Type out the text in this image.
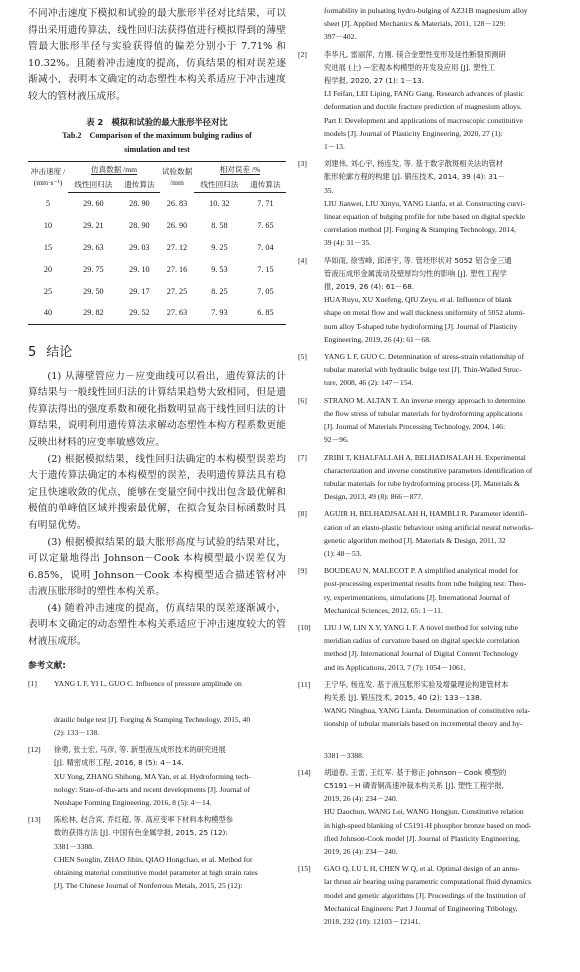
不同冲击速度下模拟和试验的最大胀形半径对比结果，可以得出采用遗传算法、线性回归法获得值进行模拟得到的薄壁管最大胀形半径与实验获得值的偏差分别小于 7.71% 和 10.32%。且随着冲击速度的提高，仿真结果的相对误差逐渐减小，表明本文确定的动态塑性本构关系适应于冲击速度较大的管材液压成形。

表 2　模拟和试验的最大胀形半径对比
Tab.2　Comparison of the maximum bulging radius of
simulation and test
冲击速度 /
(mm·s⁻¹)	仿真数据 /mm		试验数据 /mm	相对误差 /%	
	线性回归法	遗传算法		线性回归法	遗传算法
5	29. 60	28. 90	26. 83	10. 32	7. 71
10	29. 21	28. 90	26. 90	8. 58	7. 65
15	29. 63	29. 03	27. 12	9. 25	7. 04
20	29. 75	29. 10	27. 16	9. 53	7. 15
25	29. 50	29. 17	27. 25	8. 25	7. 05
40	29. 82	29. 52	27. 63	7. 93	6. 85
5 结论

(1) 从薄壁管应力－应变曲线可以看出，遗传算法的计算结果与一般线性回归法的计算结果趋势大致相同，但是遗传算法得出的强度系数和硬化指数明显高于线性回归法的计算结果，说明利用遗传算法求解动态塑性本构方程系数更能反映出材料的应变率敏感效应。

(2) 根据模拟结果，线性回归法确定的本构模型误差均大于遗传算法确定的本构模型的误差，表明遗传算法具有稳定且快速收敛的优点，能够在变量空间中找出包含最优解和极值的单峰值区域并搜索最优解，在拟合复杂目标函数时具有明显优势。

(3) 根据模拟结果的最大胀形高度与试验的结果对比，可以定量地得出 Johnson－Cook 本构模型最小误差仅为 6.85%，说明 Johnson－Cook 本构模型适合描述管材冲击液压胀形时的塑性本构关系。

(4) 随着冲击速度的提高，仿真结果的误差逐渐减小，表明本文确定的动态塑性本构关系适应于冲击速度较大的管材液压成形。

参考文献:
[1]	YANG L F, YI L, GUO C. Influence of pressure amplitude on
draulic bulge test [J]. Forging & Stamping Technology, 2015, 40
(2): 133－138.
[12]	徐勇, 张士宏, 马彦, 等. 新型液压成形技术的研究进展
[J]. 精密成形工程, 2016, 8 (5): 4－14.
XU Yong, ZHANG Shihong, MA Yan, et al. Hydroforming tech-
nology: State-of-the-arts and recent developments [J]. Journal of
Netshape Forming Engineering, 2016, 8 (5): 4－14.
[13]	陈松林, 赵合宾, 乔红超, 等. 高应变率下材料本构模型参
数的获得方法 [J]. 中国有色金属学报, 2015, 25 (12):
3381－3388.
CHEN Songlin, ZHAO Jibin, QIAO Hongchao, et al. Method for
obtaining material constitutive model parameter at high strain rates
[J]. The Chinese Journal of Nonferrous Metals, 2015, 25 (12):
formability in pulsating hydro-bulging of AZ31B magnesium alloy
sheet [J]. Applied Mechanics & Materials, 2011, 128－129:
397－402.
[2]	李华凡, 雷丽萍, 方刚. 镁合金塑性变形及延性断裂预测研
究进展 (上) —宏观本构模型的开发及应用 [J]. 塑性工
程学报, 2020, 27 (1): 1－13.
LI Feifan, LEI Liping, FANG Gang. Research advances of plastic
deformation and ductile fracture prediction of magnesium alloys.
Part I: Development and applications of macroscopic constitutive
models [J]. Journal of Plasticity Engineering, 2020, 27 (1):
1－13.
[3]	刘建伟, 刘心宇, 杨连发, 等. 基于数字散斑相关法的管材
胀形轮廓方程的构建 [J]. 锻压技术, 2014, 39 (4): 31－
35.
LIU Jianwei, LIU Xinyu, YANG Lianfa, et al. Constructing curvi-
linear equation of bulging profile for tube based on digital speckle
correlation method [J]. Forging & Stamping Technology, 2014,
39 (4): 31－35.
[4]	华如雨, 徐雪峰, 邱泽宇, 等. 管坯形状对 5052 铝合金三通
管液压成形金属流动及壁厚均匀性的影响 [J]. 塑性工程学
报, 2019, 26 (4): 61－68.
HUA Ruyu, XU Xuefeng, QIU Zeyu, et al. Influence of blank
shape on metal flow and wall thickness uniformity of 5052 alumi-
num alloy T-shaped tube hydroforming [J]. Journal of Plasticity
Engineering, 2019, 26 (4): 61－68.
[5]	YANG L F, GUO C. Determination of stress-strain relationship of
tubular material with hydraulic bulge test [J]. Thin-Walled Struc-
ture, 2008, 46 (2): 147－154.
[6]	STRANO M, ALTAN T. An inverse energy approach to determine
the flow stress of tubular materials for hydroforming applications
[J]. Journal of Materials Processing Technology, 2004, 146:
92－96.
[7]	ZRIBI T, KHALFALLAH A, BELHADJSALAH H. Experimental
characterization and inverse constitutive parameters identification of
tubular materials for tube hydroforming process [J]. Materials &
Design, 2013, 49 (8): 866－877.
[8]	AGUIR H, BELHADJSALAH H, HAMBLI R. Parameter identifi-
cation of an elasto-plastic behaviour using artificial neural networks-
genetic algorithm method [J]. Materials & Design, 2011, 32
(1): 48－53.
[9]	BOUDEAU N, MALECOT P. A simplified analytical model for
post-processing experimental results from tube bulging test: Theo-
ry, experimentations, simulations [J]. International Journal of
Mechanical Sciences, 2012, 65: 1－11.
[10]	LIU J W, LIN X Y, YANG L F. A novel method for solving tube
meridian radius of curvature based on digital speckle correlation
method [J]. International Journal of Digital Content Technology
and its Applications, 2013, 7 (7): 1054－1061.
[11]	王宁华, 杨连发. 基于液压胀形实验及增量理论构建管材本
构关系 [J]. 锻压技术, 2015, 40 (2): 133－138.
WANG Ninghua, YANG Lianfa. Determination of constitutive rela-
tionship of tubular materials based on incremental theory and hy-
3381－3388.
[14]	胡道春, 王雷, 王红军. 基于修正 Johnson－Cook 模型的
C5191－H 磷青铜高速冲裁本构关系 [J]. 塑性工程学报,
2019, 26 (4): 234－240.
HU Daochun, WANG Lei, WANG Hongjun. Constitutive relation
in high-speed blanking of C5191-H phosphor bronze based on mod-
ified Johnson-Cook model [J]. Journal of Plasticity Engineering,
2019, 26 (4): 234－240.
[15]	GAO Q, LU L H, CHEN W Q, et al. Optimal design of an annu-
lar thrust air bearing using parametric computational fluid dynamics
model and genetic algorithms [J]. Proceedings of the Institution of
Mechanical Engineers: Part J Journal of Engineering Tribology,
2018, 232 (10): 12103－12141.
